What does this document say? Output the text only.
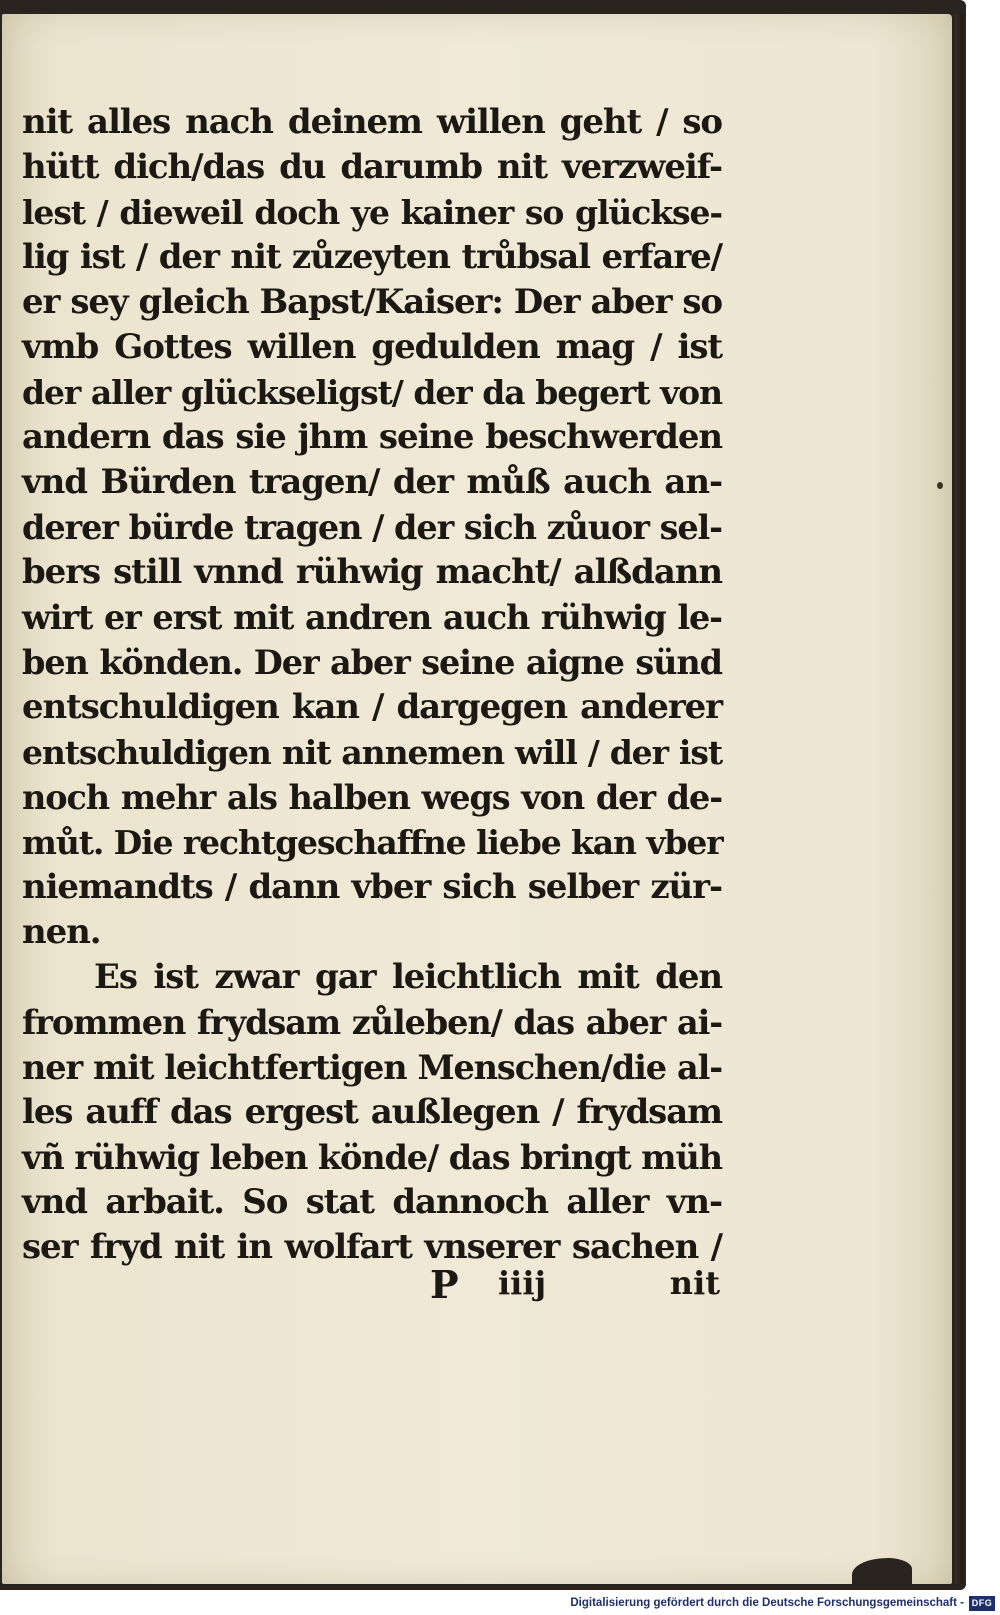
nit alles nach deinem willen geht / so
hütt dich/das du darumb nit verzweif-
lest / dieweil doch ye kainer so glückse-
lig ist / der nit zůzeyten trůbsal erfare/
er sey gleich Bapst/Kaiser: Der aber so
vmb Gottes willen gedulden mag / ist
der aller glückseligst/ der da begert von
andern das sie jhm seine beschwerden
vnd Bürden tragen/ der můß auch an-
derer bürde tragen / der sich zůuor sel-
bers still vnnd rühwig macht/ alßdann
wirt er erst mit andren auch rühwig le-
ben könden. Der aber seine aigne sünd
entschuldigen kan / dargegen anderer
entschuldigen nit annemen will / der ist
noch mehr als halben wegs von der de-
můt. Die rechtgeschaffne liebe kan vber
niemandts / dann vber sich selber zür-
nen.
Es ist zwar gar leichtlich mit den
frommen frydsam zůleben/ das aber ai-
ner mit leichtfertigen Menschen/die al-
les auff das ergest außlegen / frydsam
vñ rühwig leben könde/ das bringt müh
vnd arbait. So stat dannoch aller vn-
ser fryd nit in wolfart vnserer sachen /
P iiij	nit
Digitalisierung gefördert durch die Deutsche Forschungsgemeinschaft - DFG
